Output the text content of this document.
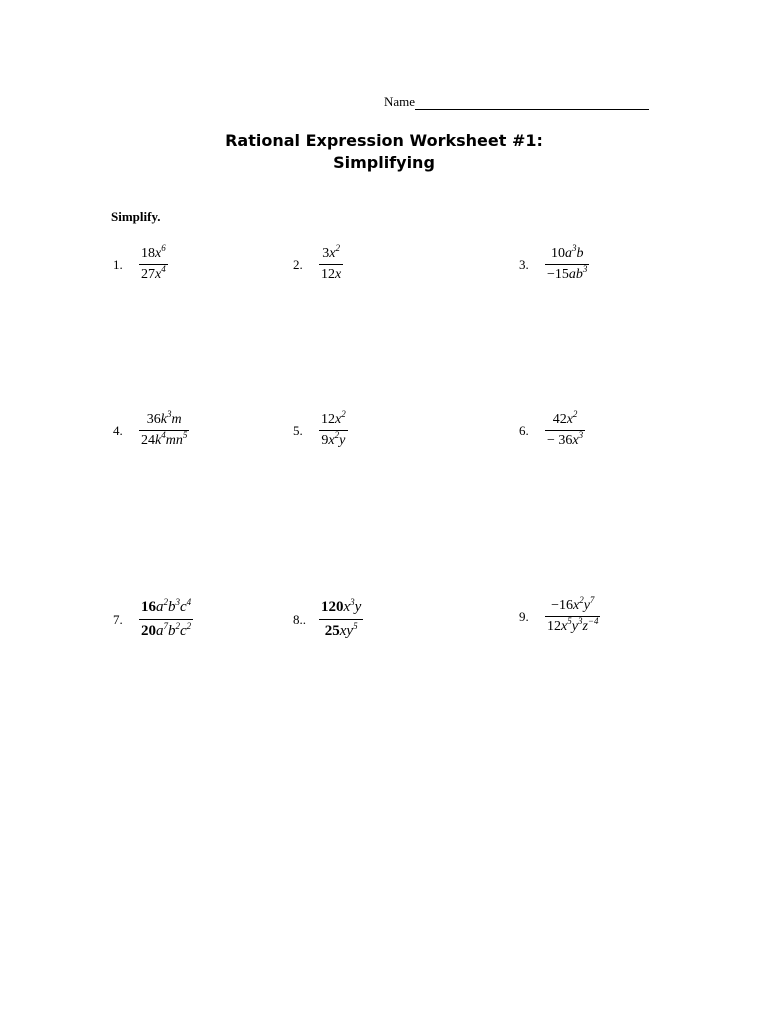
Name
Rational Expression Worksheet #1:
Simplifying
Simplify.
1.	$\frac{18x^6}{27x^4}$	2.	$\frac{3x^2}{12x}$	3.	$\frac{10a^3b}{-15ab^3}$
4.	$\frac{36k^3m}{24k^4mn^5}$	5.	$\frac{12x^2}{9x^2y}$	6.	$\frac{42x^2}{- 36x^3}$
7.	$\frac{16a^2b^3c^4}{20a^7b^2c^2}$	8.. $\frac{120x^3y}{25xy^5}$	9.	$\frac{-16x^2y^7}{12x^5y^3z^{-4}}$
